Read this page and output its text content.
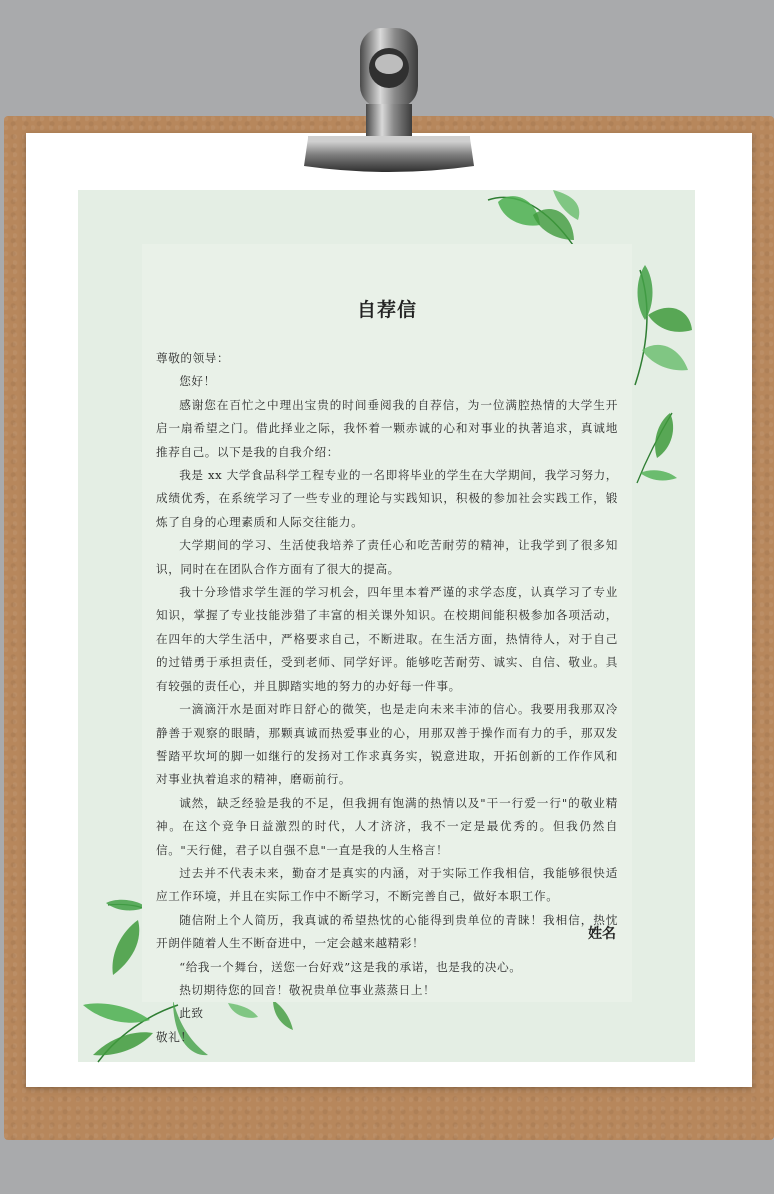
◇
自荐信

尊敬的领导：

您好！

感谢您在百忙之中理出宝贵的时间垂阅我的自荐信，为一位满腔热情的大学生开启一扇希望之门。借此择业之际，我怀着一颗赤诚的心和对事业的执著追求，真诚地推荐自己。以下是我的自我介绍：

我是 xx 大学食品科学工程专业的一名即将毕业的学生在大学期间，我学习努力，成绩优秀，在系统学习了一些专业的理论与实践知识，积极的参加社会实践工作，锻炼了自身的心理素质和人际交往能力。

大学期间的学习、生活使我培养了责任心和吃苦耐劳的精神，让我学到了很多知识，同时在在团队合作方面有了很大的提高。

我十分珍惜求学生涯的学习机会，四年里本着严谨的求学态度，认真学习了专业知识，掌握了专业技能涉猎了丰富的相关课外知识。在校期间能积极参加各项活动，在四年的大学生活中，严格要求自己，不断进取。在生活方面，热情待人，对于自己的过错勇于承担责任，受到老师、同学好评。能够吃苦耐劳、诚实、自信、敬业。具有较强的责任心，并且脚踏实地的努力的办好每一件事。

一滴滴汗水是面对昨日舒心的微笑，也是走向未来丰沛的信心。我要用我那双冷静善于观察的眼睛，那颗真诚而热爱事业的心，用那双善于操作而有力的手，那双发誓踏平坎坷的脚一如继行的发扬对工作求真务实，锐意进取，开拓创新的工作作风和对事业执着追求的精神，磨砺前行。

诚然，缺乏经验是我的不足，但我拥有饱满的热情以及"干一行爱一行"的敬业精神。在这个竞争日益激烈的时代，人才济济，我不一定是最优秀的。但我仍然自信。"天行健，君子以自强不息"一直是我的人生格言！

过去并不代表未来，勤奋才是真实的内涵，对于实际工作我相信，我能够很快适应工作环境，并且在实际工作中不断学习，不断完善自己，做好本职工作。

随信附上个人简历，我真诚的希望热忱的心能得到贵单位的青睐！我相信，热忱开朗伴随着人生不断奋进中，一定会越来越精彩！

“给我一个舞台，送您一台好戏”这是我的承诺，也是我的决心。

热切期待您的回音！敬祝贵单位事业蒸蒸日上！

此致

敬礼！

姓名
